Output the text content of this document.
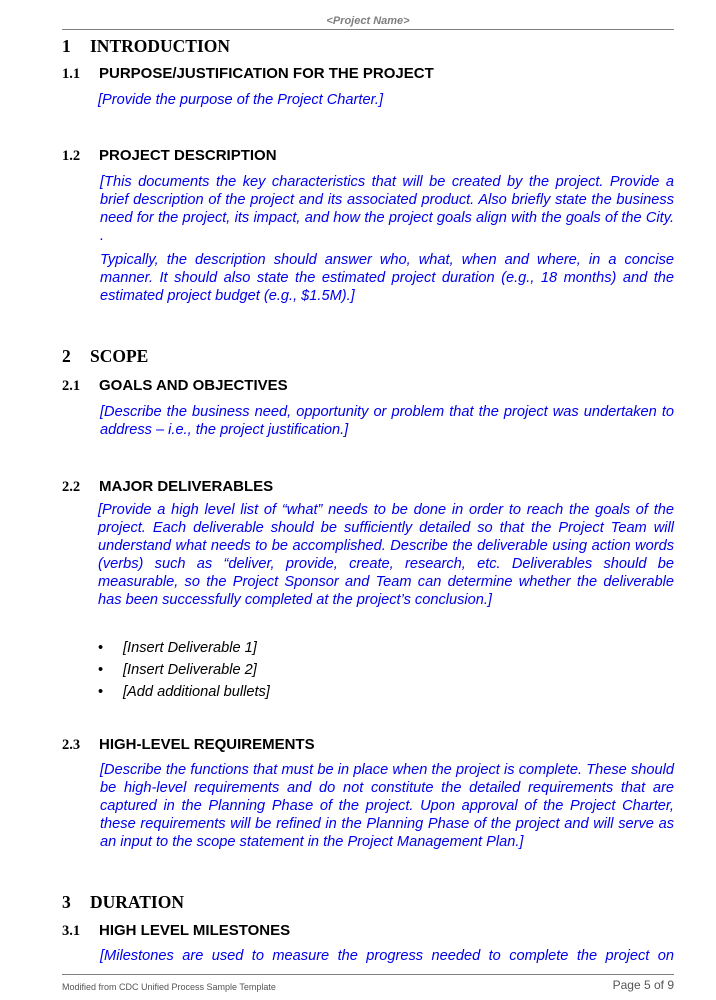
<Project Name>
1 INTRODUCTION
1.1 PURPOSE/JUSTIFICATION FOR THE PROJECT
[Provide the purpose of the Project Charter.]
1.2 PROJECT DESCRIPTION
[This documents the key characteristics that will be created by the project. Provide a brief description of the project and its associated product. Also briefly state the business need for the project, its impact, and how the project goals align with the goals of the City. .
Typically, the description should answer who, what, when and where, in a concise manner. It should also state the estimated project duration (e.g., 18 months) and the estimated project budget (e.g., $1.5M).]
2 SCOPE
2.1 GOALS AND OBJECTIVES
[Describe the business need, opportunity or problem that the project was undertaken to address – i.e., the project justification.]
2.2 MAJOR DELIVERABLES
[Provide a high level list of “what” needs to be done in order to reach the goals of the project. Each deliverable should be sufficiently detailed so that the Project Team will understand what needs to be accomplished. Describe the deliverable using action words (verbs) such as “deliver, provide, create, research, etc. Deliverables should be measurable, so the Project Sponsor and Team can determine whether the deliverable has been successfully completed at the project’s conclusion.]
• [Insert Deliverable 1]
• [Insert Deliverable 2]
• [Add additional bullets]
2.3 HIGH-LEVEL REQUIREMENTS
[Describe the functions that must be in place when the project is complete. These should be high-level requirements and do not constitute the detailed requirements that are captured in the Planning Phase of the project. Upon approval of the Project Charter, these requirements will be refined in the Planning Phase of the project and will serve as an input to the scope statement in the Project Management Plan.]
3 DURATION
3.1 HIGH LEVEL MILESTONES
[Milestones are used to measure the progress needed to complete the project on
Modified from CDC Unified Process Sample Template	Page 5 of 9
